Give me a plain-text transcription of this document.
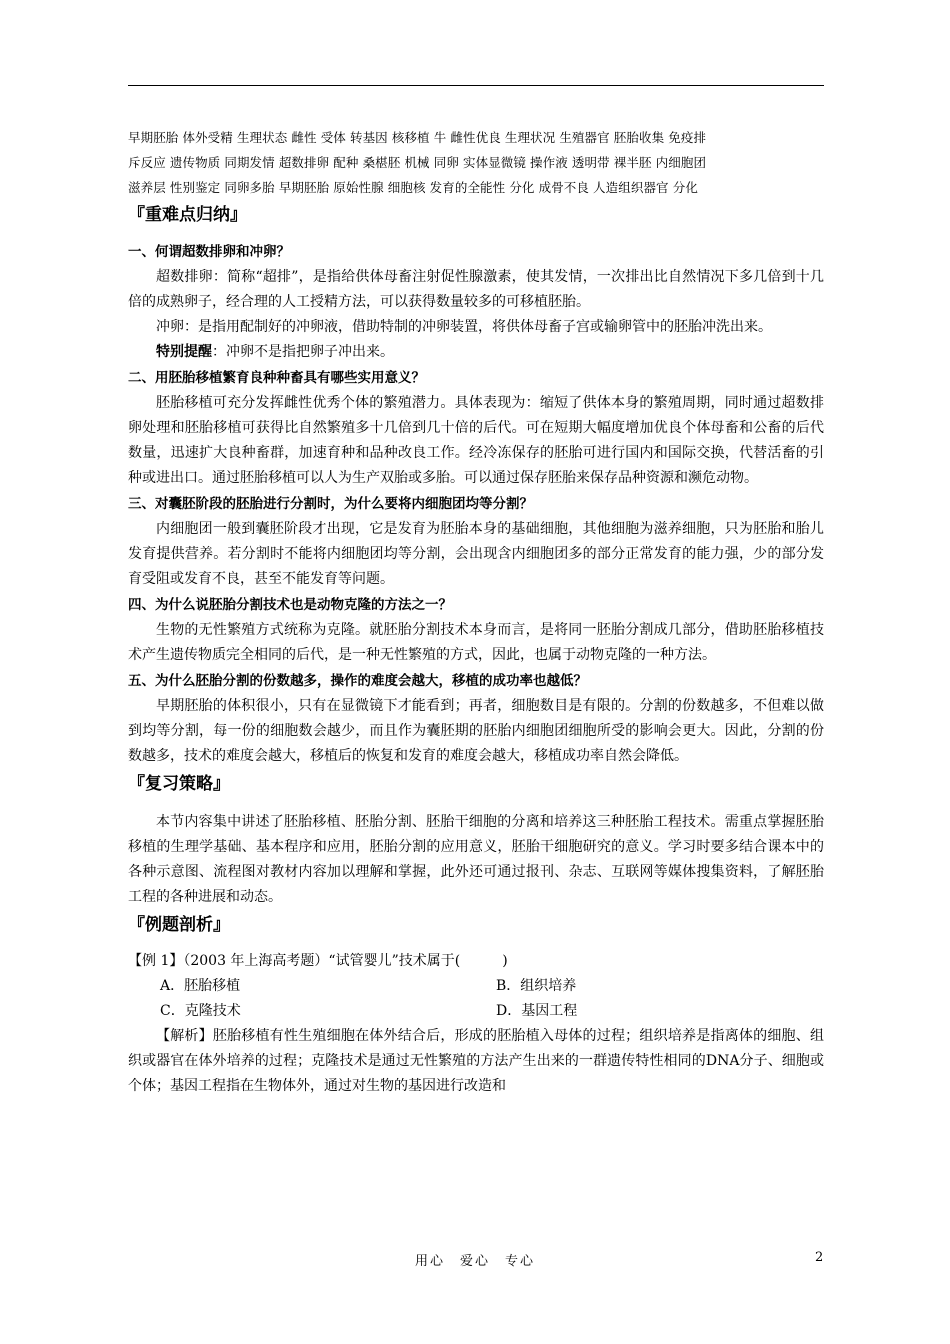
早期胚胎 体外受精 生理状态 雌性 受体 转基因 核移植 牛 雌性优良 生理状况 生殖器官 胚胎收集 免疫排
斥反应 遗传物质 同期发情 超数排卵 配种 桑椹胚 机械 同卵 实体显微镜 操作液 透明带 裸半胚 内细胞团
滋养层 性别鉴定 同卵多胎 早期胚胎 原始性腺 细胞核 发育的全能性 分化 成骨不良 人造组织器官 分化
『重难点归纳』
一、何谓超数排卵和冲卵？
超数排卵：简称“超排”，是指给供体母畜注射促性腺激素，使其发情，一次排出比自然情况下多几倍到十几倍的成熟卵子，经合理的人工授精方法，可以获得数量较多的可移植胚胎。
冲卵：是指用配制好的冲卵液，借助特制的冲卵装置，将供体母畜子宫或输卵管中的胚胎冲洗出来。
特别提醒：冲卵不是指把卵子冲出来。
二、用胚胎移植繁育良种种畜具有哪些实用意义？
胚胎移植可充分发挥雌性优秀个体的繁殖潜力。具体表现为：缩短了供体本身的繁殖周期，同时通过超数排卵处理和胚胎移植可获得比自然繁殖多十几倍到几十倍的后代。可在短期大幅度增加优良个体母畜和公畜的后代数量，迅速扩大良种畜群，加速育种和品种改良工作。经冷冻保存的胚胎可进行国内和国际交换，代替活畜的引种或进出口。通过胚胎移植可以人为生产双胎或多胎。可以通过保存胚胎来保存品种资源和濒危动物。
三、对囊胚阶段的胚胎进行分割时，为什么要将内细胞团均等分割？
内细胞团一般到囊胚阶段才出现，它是发育为胚胎本身的基础细胞，其他细胞为滋养细胞，只为胚胎和胎儿发育提供营养。若分割时不能将内细胞团均等分割，会出现含内细胞团多的部分正常发育的能力强，少的部分发育受阻或发育不良，甚至不能发育等问题。
四、为什么说胚胎分割技术也是动物克隆的方法之一？
生物的无性繁殖方式统称为克隆。就胚胎分割技术本身而言，是将同一胚胎分割成几部分，借助胚胎移植技术产生遗传物质完全相同的后代，是一种无性繁殖的方式，因此，也属于动物克隆的一种方法。
五、为什么胚胎分割的份数越多，操作的难度会越大，移植的成功率也越低？
早期胚胎的体积很小，只有在显微镜下才能看到；再者，细胞数目是有限的。分割的份数越多，不但难以做到均等分割，每一份的细胞数会越少，而且作为囊胚期的胚胎内细胞团细胞所受的影响会更大。因此，分割的份数越多，技术的难度会越大，移植后的恢复和发育的难度会越大，移植成功率自然会降低。
『复习策略』
本节内容集中讲述了胚胎移植、胚胎分割、胚胎干细胞的分离和培养这三种胚胎工程技术。需重点掌握胚胎移植的生理学基础、基本程序和应用，胚胎分割的应用意义，胚胎干细胞研究的意义。学习时要多结合课本中的各种示意图、流程图对教材内容加以理解和掌握，此外还可通过报刊、杂志、互联网等媒体搜集资料，了解胚胎工程的各种进展和动态。
『例题剖析』
【例 1】（2003 年上海高考题）“试管婴儿”技术属于(　　　)
A．胚胎移植	B．组织培养
C．克隆技术	D．基因工程
【解析】胚胎移植有性生殖细胞在体外结合后，形成的胚胎植入母体的过程；组织培养是指离体的细胞、组织或器官在体外培养的过程；克隆技术是通过无性繁殖的方法产生出来的一群遗传特性相同的DNA分子、细胞或个体；基因工程指在生物体外，通过对生物的基因进行改造和
用心　爱心　专心	2
